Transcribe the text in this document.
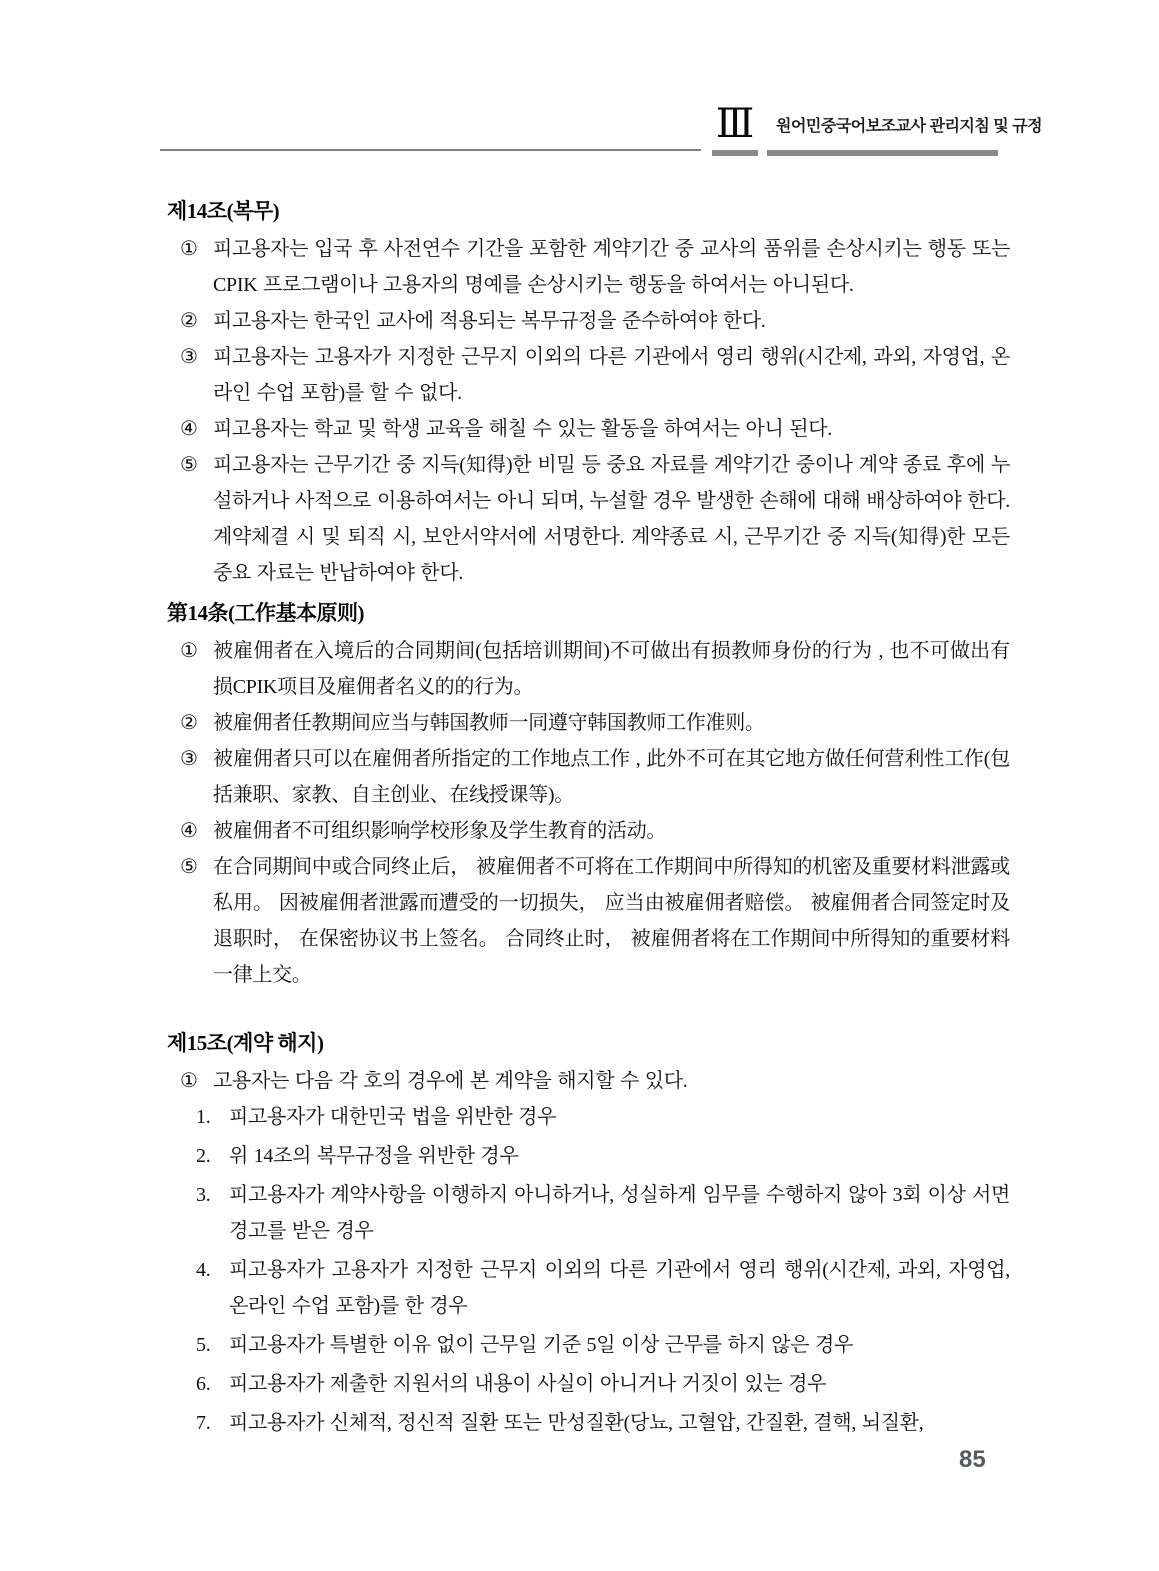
Ⅲ 원어민중국어보조교사 관리지침 및 규정
제14조(복무)
① 피고용자는 입국 후 사전연수 기간을 포함한 계약기간 중 교사의 품위를 손상시키는 행동 또는 CPIK 프로그램이나 고용자의 명예를 손상시키는 행동을 하여서는 아니된다.
② 피고용자는 한국인 교사에 적용되는 복무규정을 준수하여야 한다.
③ 피고용자는 고용자가 지정한 근무지 이외의 다른 기관에서 영리 행위(시간제, 과외, 자영업, 온라인 수업 포함)를 할 수 없다.
④ 피고용자는 학교 및 학생 교육을 해칠 수 있는 활동을 하여서는 아니 된다.
⑤ 피고용자는 근무기간 중 지득(知得)한 비밀 등 중요 자료를 계약기간 중이나 계약 종료 후에 누설하거나 사적으로 이용하여서는 아니 되며, 누설할 경우 발생한 손해에 대해 배상하여야 한다. 계약체결 시 및 퇴직 시, 보안서약서에 서명한다. 계약종료 시, 근무기간 중 지득(知得)한 모든 중요 자료는 반납하여야 한다.
第14条(工作基本原则)
① 被雇佣者在入境后的合同期间(包括培训期间)不可做出有损教师身份的行为 , 也不可做出有损CPIK项目及雇佣者名义的的行为。
② 被雇佣者任教期间应当与韩国教师一同遵守韩国教师工作准则。
③ 被雇佣者只可以在雇佣者所指定的工作地点工作 , 此外不可在其它地方做任何营利性工作(包括兼职、家教、自主创业、在线授课等)。
④ 被雇佣者不可组织影响学校形象及学生教育的活动。
⑤ 在合同期间中或合同终止后， 被雇佣者不可将在工作期间中所得知的机密及重要材料泄露或私用。 因被雇佣者泄露而遭受的一切损失， 应当由被雇佣者赔偿。 被雇佣者合同签定时及退职时， 在保密协议书上签名。 合同终止时， 被雇佣者将在工作期间中所得知的重要材料一律上交。
제15조(계약 해지)
① 고용자는 다음 각 호의 경우에 본 계약을 해지할 수 있다.
1. 피고용자가 대한민국 법을 위반한 경우
2. 위 14조의 복무규정을 위반한 경우
3. 피고용자가 계약사항을 이행하지 아니하거나, 성실하게 임무를 수행하지 않아 3회 이상 서면 경고를 받은 경우
4. 피고용자가 고용자가 지정한 근무지 이외의 다른 기관에서 영리 행위(시간제, 과외, 자영업, 온라인 수업 포함)를 한 경우
5. 피고용자가 특별한 이유 없이 근무일 기준 5일 이상 근무를 하지 않은 경우
6. 피고용자가 제출한 지원서의 내용이 사실이 아니거나 거짓이 있는 경우
7. 피고용자가 신체적, 정신적 질환 또는 만성질환(당뇨, 고혈압, 간질환, 결핵, 뇌질환,
85
